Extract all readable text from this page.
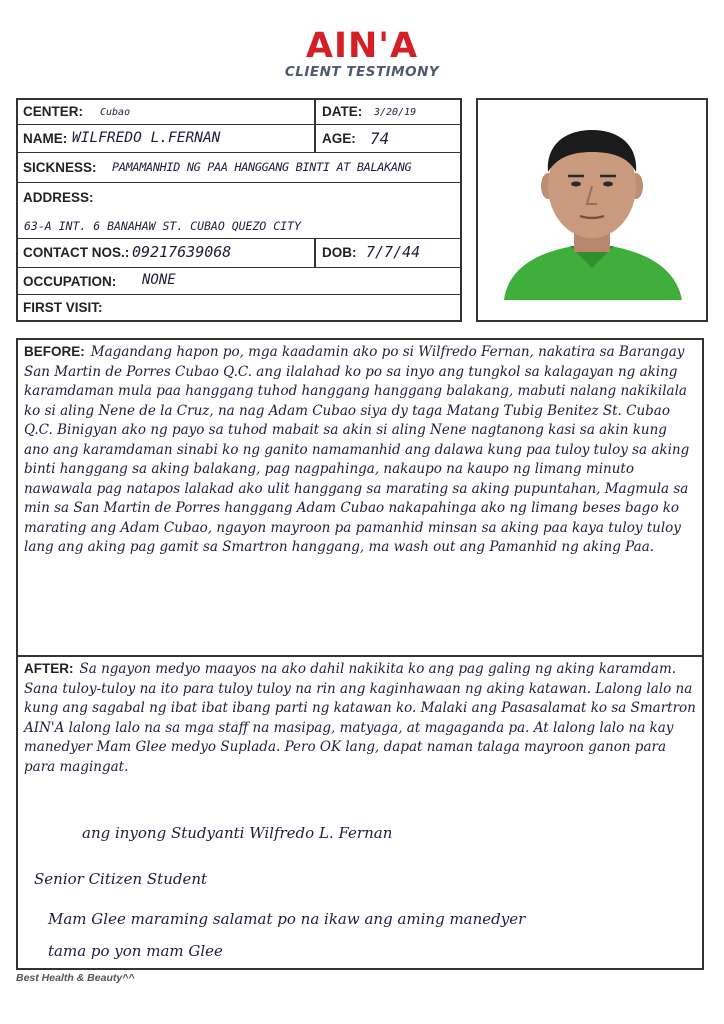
AIN'A
CLIENT TESTIMONY
CENTER: Cubao	DATE: 3/20/19
NAME: WILFREDO L.FERNAN	AGE: 74
SICKNESS: PAMAMANHID NG PAA HANGGANG BINTI AT BALAKANG
ADDRESS:
63-A INT. 6 BANAHAW ST. CUBAO QUEZO CITY
CONTACT NOS.: 09217639068	DOB: 7/7/44
OCCUPATION: NONE
FIRST VISIT:
BEFORE: Magandang hapon po, mga kaadamin ako po si Wilfredo Fernan, nakatira sa Barangay San Martin de Porres Cubao Q.C. ang ilalahad ko po sa inyo ang tungkol sa kalagayan ng aking karamdaman mula paa hanggang tuhod hanggang hanggang balakang, mabuti nalang nakikilala ko si aling Nene de la Cruz, na nag Adam Cubao siya dy taga Matang Tubig Benitez St. Cubao Q.C. Binigyan ako ng payo sa tuhod mabait sa akin si aling Nene nagtanong kasi sa akin kung ano ang karamdaman sinabi ko ng ganito namamanhid ang dalawa kung paa tuloy tuloy sa aking binti hanggang sa aking balakang, pag nagpahinga, nakaupo na kaupo ng limang minuto nawawala pag natapos lalakad ako ulit hanggang sa marating sa aking pupuntahan, Magmula sa min sa San Martin de Porres hanggang Adam Cubao nakapahinga ako ng limang beses bago ko marating ang Adam Cubao, ngayon mayroon pa pamanhid minsan sa aking paa kaya tuloy tuloy lang ang aking pag gamit sa Smartron hanggang, ma wash out ang Pamanhid ng aking Paa.
AFTER: Sa ngayon medyo maayos na ako dahil nakikita ko ang pag galing ng aking karamdam. Sana tuloy-tuloy na ito para tuloy tuloy na rin ang kaginhawaan ng aking katawan. Lalong lalo na kung ang sagabal ng ibat ibat ibang parti ng katawan ko. Malaki ang Pasasalamat ko sa Smartron AIN'A lalong lalo na sa mga staff na masipag, matyaga, at magaganda pa. At lalong lalo na kay manedyer Mam Glee medyo Suplada. Pero OK lang, dapat naman talaga mayroon ganon para para magingat.
ang inyong Studyanti Wilfredo L. Fernan
Senior Citizen Student
Mam Glee maraming salamat po na ikaw ang aming manedyer
tama po yon mam Glee
Best Health & Beauty^^
